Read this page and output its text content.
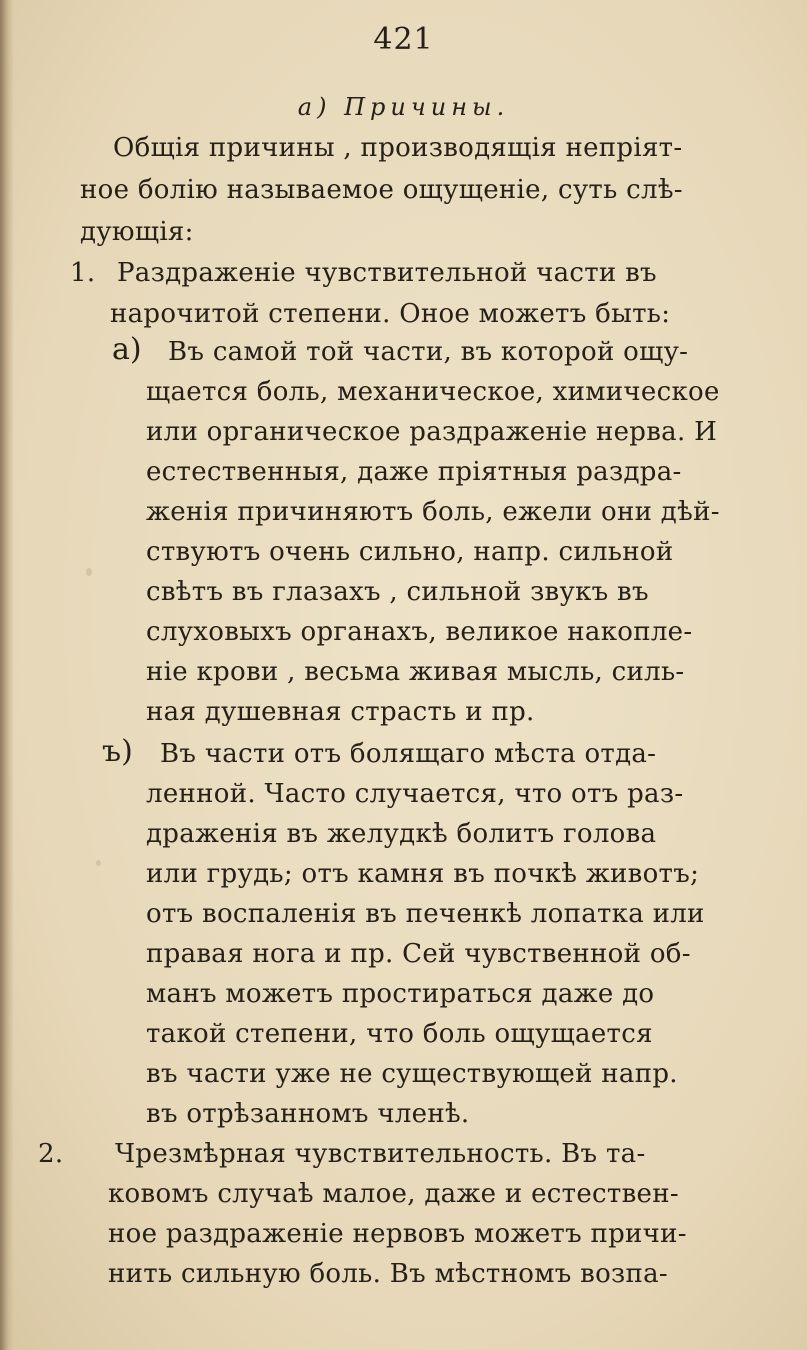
421
а) Причины.
Общія причины , производящія непріят-
ное болію называемое ощущеніе, суть слѣ-
дующія:
1. Раздраженіе чувствительной части въ
нарочитой степени. Оное можетъ быть:
а) Въ самой той части, въ которой ощу-
щается боль, механическое, химическое
или органическое раздраженіе нерва. И
естественныя, даже пріятныя раздра-
женія причиняютъ боль, ежели они дѣй-
ствуютъ очень сильно, напр. сильной
свѣтъ въ глазахъ , сильной звукъ въ
слуховыхъ органахъ, великое накопле-
ніе крови , весьма живая мысль, силь-
ная душевная страсть и пр.
ъ) Въ части отъ болящаго мѣста отда-
ленной. Часто случается, что отъ раз-
драженія въ желудкѣ болитъ голова
или грудь; отъ камня въ почкѣ животъ;
отъ воспаленія въ печенкѣ лопатка или
правая нога и пр. Сей чувственной об-
манъ можетъ простираться даже до
такой степени, что боль ощущается
въ части уже не существующей напр.
въ отрѣзанномъ членѣ.
2. Чрезмѣрная чувствительность. Въ та-
ковомъ случаѣ малое, даже и естествен-
ное раздраженіе нервовъ можетъ причи-
нить сильную боль. Въ мѣстномъ возпа-
